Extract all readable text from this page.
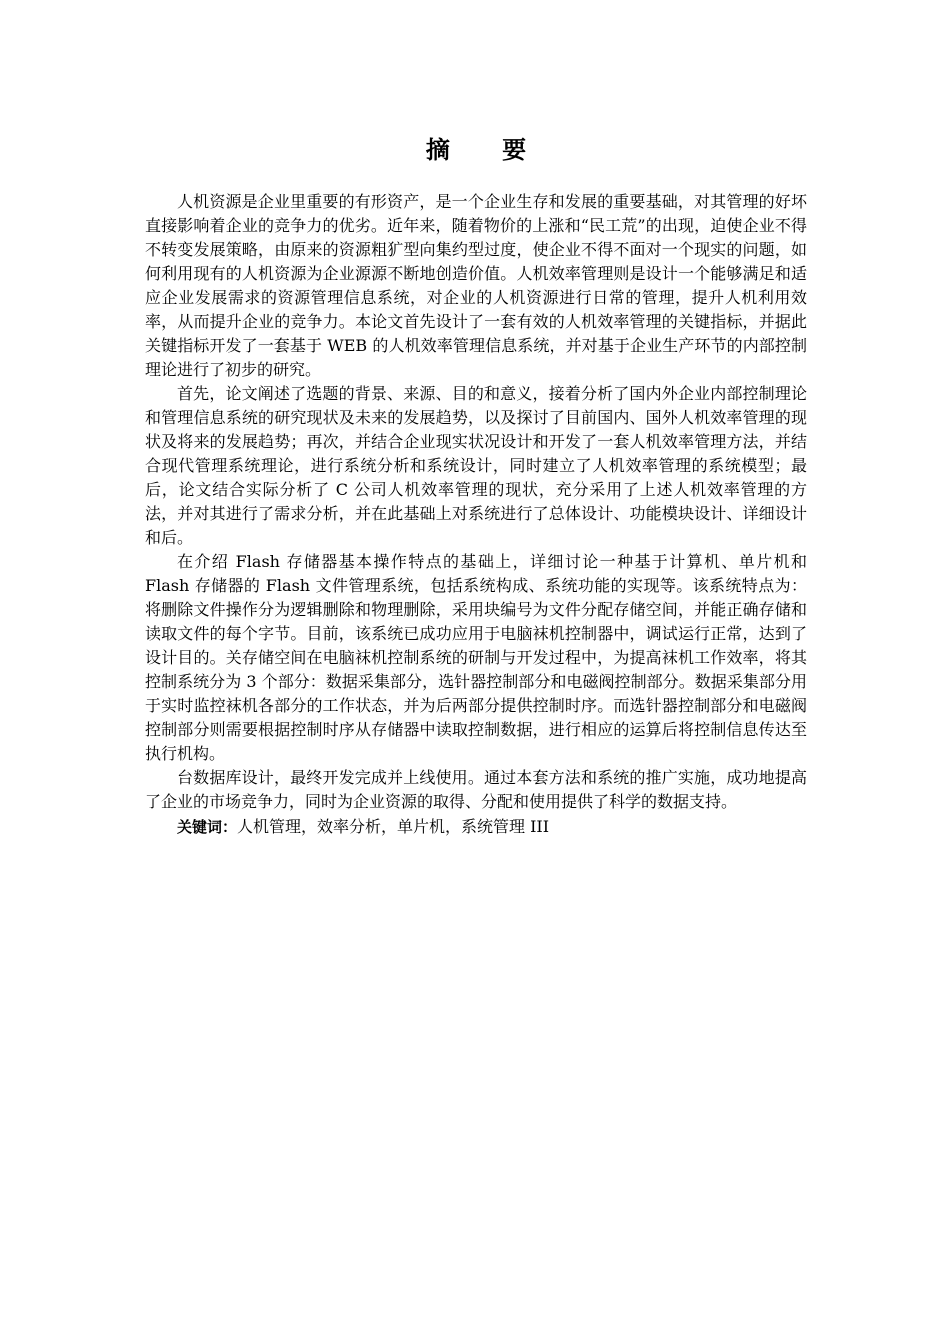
摘 要

人机资源是企业里重要的有形资产，是一个企业生存和发展的重要基础，对其管理的好坏直接影响着企业的竞争力的优劣。近年来，随着物价的上涨和“民工荒”的出现，迫使企业不得不转变发展策略，由原来的资源粗犷型向集约型过度，使企业不得不面对一个现实的问题，如何利用现有的人机资源为企业源源不断地创造价值。人机效率管理则是设计一个能够满足和适应企业发展需求的资源管理信息系统，对企业的人机资源进行日常的管理，提升人机利用效率，从而提升企业的竞争力。本论文首先设计了一套有效的人机效率管理的关键指标，并据此关键指标开发了一套基于 WEB 的人机效率管理信息系统，并对基于企业生产环节的内部控制理论进行了初步的研究。

首先，论文阐述了选题的背景、来源、目的和意义，接着分析了国内外企业内部控制理论和管理信息系统的研究现状及未来的发展趋势，以及探讨了目前国内、国外人机效率管理的现状及将来的发展趋势；再次，并结合企业现实状况设计和开发了一套人机效率管理方法，并结合现代管理系统理论，进行系统分析和系统设计，同时建立了人机效率管理的系统模型；最后，论文结合实际分析了 C 公司人机效率管理的现状，充分采用了上述人机效率管理的方法，并对其进行了需求分析，并在此基础上对系统进行了总体设计、功能模块设计、详细设计和后。

在介绍 Flash 存储器基本操作特点的基础上，详细讨论一种基于计算机、单片机和 Flash 存储器的 Flash 文件管理系统，包括系统构成、系统功能的实现等。该系统特点为：将删除文件操作分为逻辑删除和物理删除，采用块编号为文件分配存储空间，并能正确存储和读取文件的每个字节。目前，该系统已成功应用于电脑袜机控制器中，调试运行正常，达到了设计目的。关存储空间在电脑袜机控制系统的研制与开发过程中，为提高袜机工作效率，将其控制系统分为 3 个部分：数据采集部分，选针器控制部分和电磁阀控制部分。数据采集部分用于实时监控袜机各部分的工作状态，并为后两部分提供控制时序。而选针器控制部分和电磁阀控制部分则需要根据控制时序从存储器中读取控制数据，进行相应的运算后将控制信息传达至执行机构。

台数据库设计，最终开发完成并上线使用。通过本套方法和系统的推广实施，成功地提高了企业的市场竞争力，同时为企业资源的取得、分配和使用提供了科学的数据支持。

关键词：人机管理，效率分析，单片机，系统管理 III
